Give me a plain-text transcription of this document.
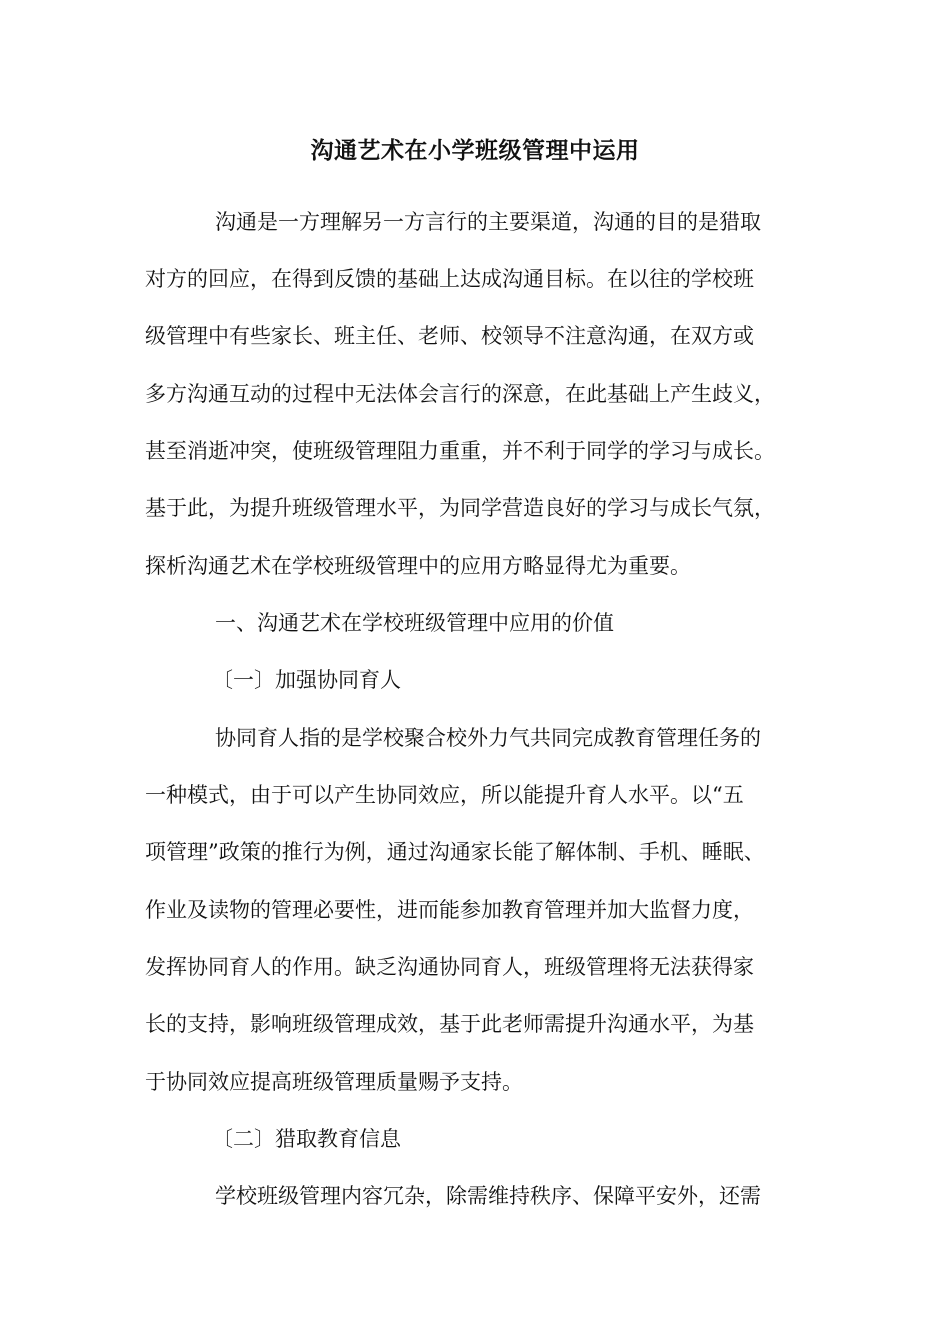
沟通艺术在小学班级管理中运用

沟通是一方理解另一方言行的主要渠道，沟通的目的是猎取

对方的回应，在得到反馈的基础上达成沟通目标。在以往的学校班

级管理中有些家长、班主任、老师、校领导不注意沟通，在双方或

多方沟通互动的过程中无法体会言行的深意，在此基础上产生歧义，

甚至消逝冲突，使班级管理阻力重重，并不利于同学的学习与成长。

基于此，为提升班级管理水平，为同学营造良好的学习与成长气氛，

探析沟通艺术在学校班级管理中的应用方略显得尤为重要。

一、沟通艺术在学校班级管理中应用的价值

〔一〕加强协同育人

协同育人指的是学校聚合校外力气共同完成教育管理任务的

一种模式，由于可以产生协同效应，所以能提升育人水平。以“五

项管理”政策的推行为例，通过沟通家长能了解体制、手机、睡眠、

作业及读物的管理必要性，进而能参加教育管理并加大监督力度，

发挥协同育人的作用。缺乏沟通协同育人，班级管理将无法获得家

长的支持，影响班级管理成效，基于此老师需提升沟通水平，为基

于协同效应提高班级管理质量赐予支持。

〔二〕猎取教育信息

学校班级管理内容冗杂，除需维持秩序、保障平安外，还需
